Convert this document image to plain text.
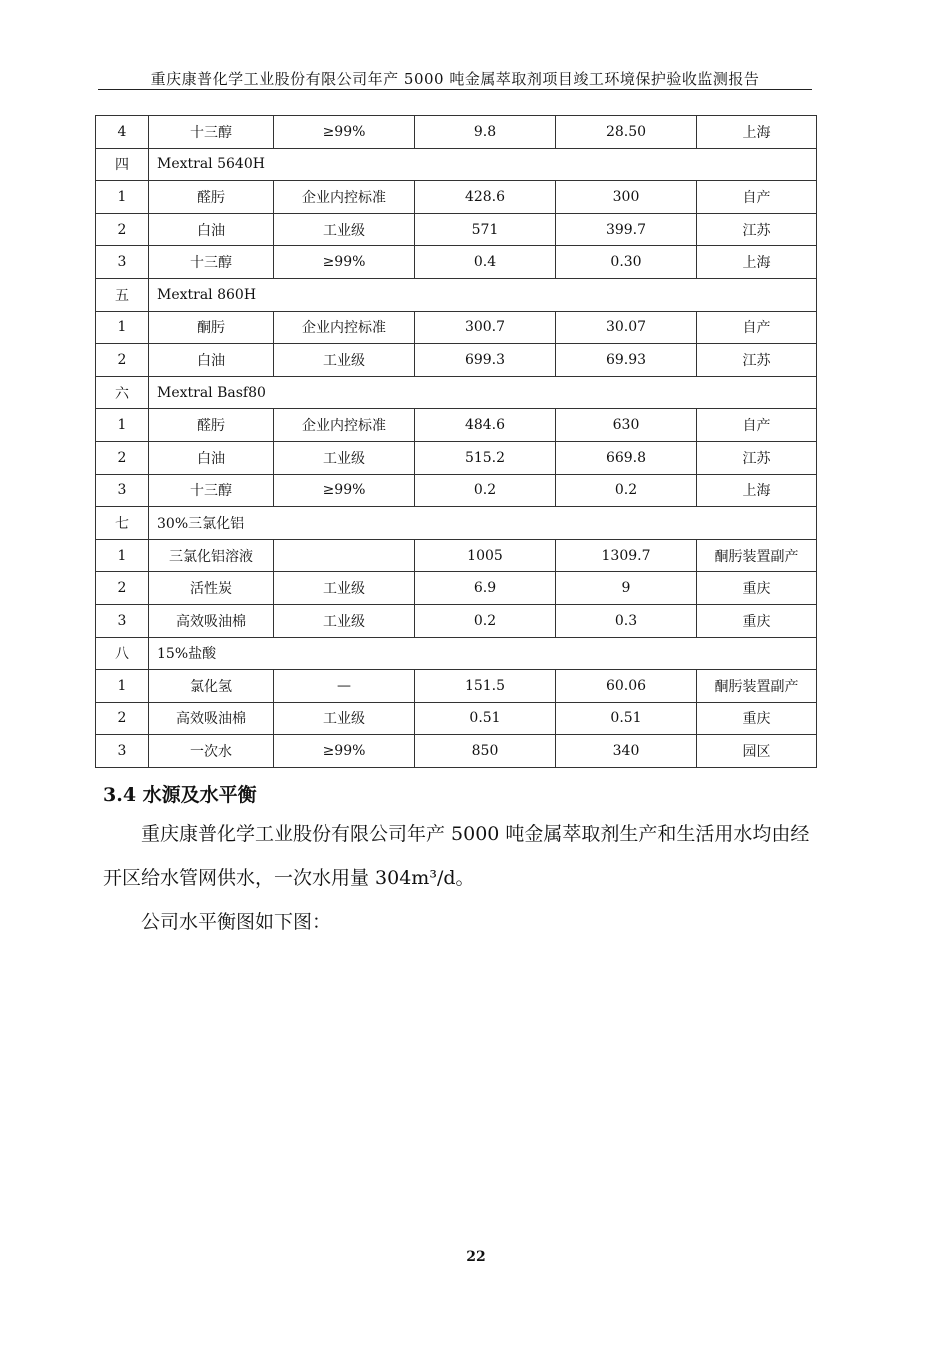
重庆康普化学工业股份有限公司年产 5000 吨金属萃取剂项目竣工环境保护验收监测报告
4	十三醇	≥99%	9.8	28.50	上海
四	Mextral 5640H				
1	醛肟	企业内控标准	428.6	300	自产
2	白油	工业级	571	399.7	江苏
3	十三醇	≥99%	0.4	0.30	上海
五	Mextral 860H				
1	酮肟	企业内控标准	300.7	30.07	自产
2	白油	工业级	699.3	69.93	江苏
六	Mextral Basf80				
1	醛肟	企业内控标准	484.6	630	自产
2	白油	工业级	515.2	669.8	江苏
3	十三醇	≥99%	0.2	0.2	上海
七	30%三氯化铝				
1	三氯化铝溶液		1005	1309.7	酮肟装置副产
2	活性炭	工业级	6.9	9	重庆
3	高效吸油棉	工业级	0.2	0.3	重庆
八	15%盐酸				
1	氯化氢	—	151.5	60.06	酮肟装置副产
2	高效吸油棉	工业级	0.51	0.51	重庆
3	一次水	≥99%	850	340	园区
3.4 水源及水平衡
重庆康普化学工业股份有限公司年产 5000 吨金属萃取剂生产和生活用水均由经开区给水管网供水，一次水用量 304m³/d。
公司水平衡图如下图：
22
